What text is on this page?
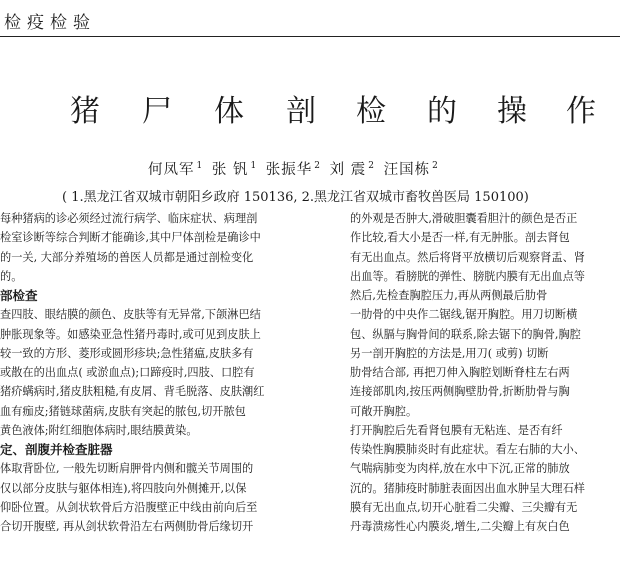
检疫检验
猪 尸 体 剖 检 的 操 作
何凤军 $^1$ 张 钒 $^1$ 张振华 $^2$ 刘 震 $^2$ 汪国栋 $^2$
( 1.黑龙江省双城市朝阳乡政府 150136, 2.黑龙江省双城市畜牧兽医局 150100)

每种猪病的诊必须经过流行病学、临床症状、病理剖

检室诊断等综合判断才能确诊,其中尸体剖检是确诊中

的一关, 大部分养殖场的兽医人员都是通过剖检变化

的。

部检查

查四肢、眼结膜的颜色、皮肤等有无异常,下颌淋巴结

肿胀现象等。如感染亚急性猪丹毒时,或可见到皮肤上

较一致的方形、菱形或圆形疹块;急性猪瘟,皮肤多有

或散在的出血点( 或淤血点);口蹄疫时,四肢、口腔有

猪疥螨病时,猪皮肤粗糙,有皮屑、背毛脱落、皮肤潮红

血有痂皮;猪链球菌病,皮肤有突起的脓包,切开脓包

黄色液体;附红细胞体病时,眼结膜黄染。

定、剖腹并检查脏器

体取背卧位, 一般先切断肩胛骨内侧和髋关节周围的

仅以部分皮肤与躯体相连),将四肢向外侧摊开,以保

仰卧位置。从剑状软骨后方沿腹壁正中线由前向后至

合切开腹壁, 再从剑状软骨沿左右两侧肋骨后缘切开

的外观是否肿大,滑破胆囊看胆汁的颜色是否正

作比较,看大小是否一样,有无肿胀。剖去肾包

有无出血点。然后将肾平放横切后观察肾盂、肾

出血等。看膀胱的弹性、膀胱内膜有无出血点等

然后,先检查胸腔压力,再从两侧最后肋骨

一肋骨的中央作二锯线,锯开胸腔。用刀切断横

包、纵膈与胸骨间的联系,除去锯下的胸骨,胸腔

另一剖开胸腔的方法是,用刀( 或剪) 切断

肋骨结合部, 再把刀伸入胸腔划断脊柱左右两

连接部肌肉,按压两侧胸壁肋骨,折断肋骨与胸

可敞开胸腔。

打开胸腔后先看肾包膜有无粘连、是否有纤

传染性胸膜肺炎时有此症状。看左右肺的大小、

气喘病肺变为肉样,放在水中下沉,正常的肺放

沉的。猪肺疫时肺脏表面因出血水肿呈大理石样

膜有无出血点,切开心脏看二尖瓣、三尖瓣有无

丹毒溃疡性心内膜炎,增生,二尖瓣上有灰白色
